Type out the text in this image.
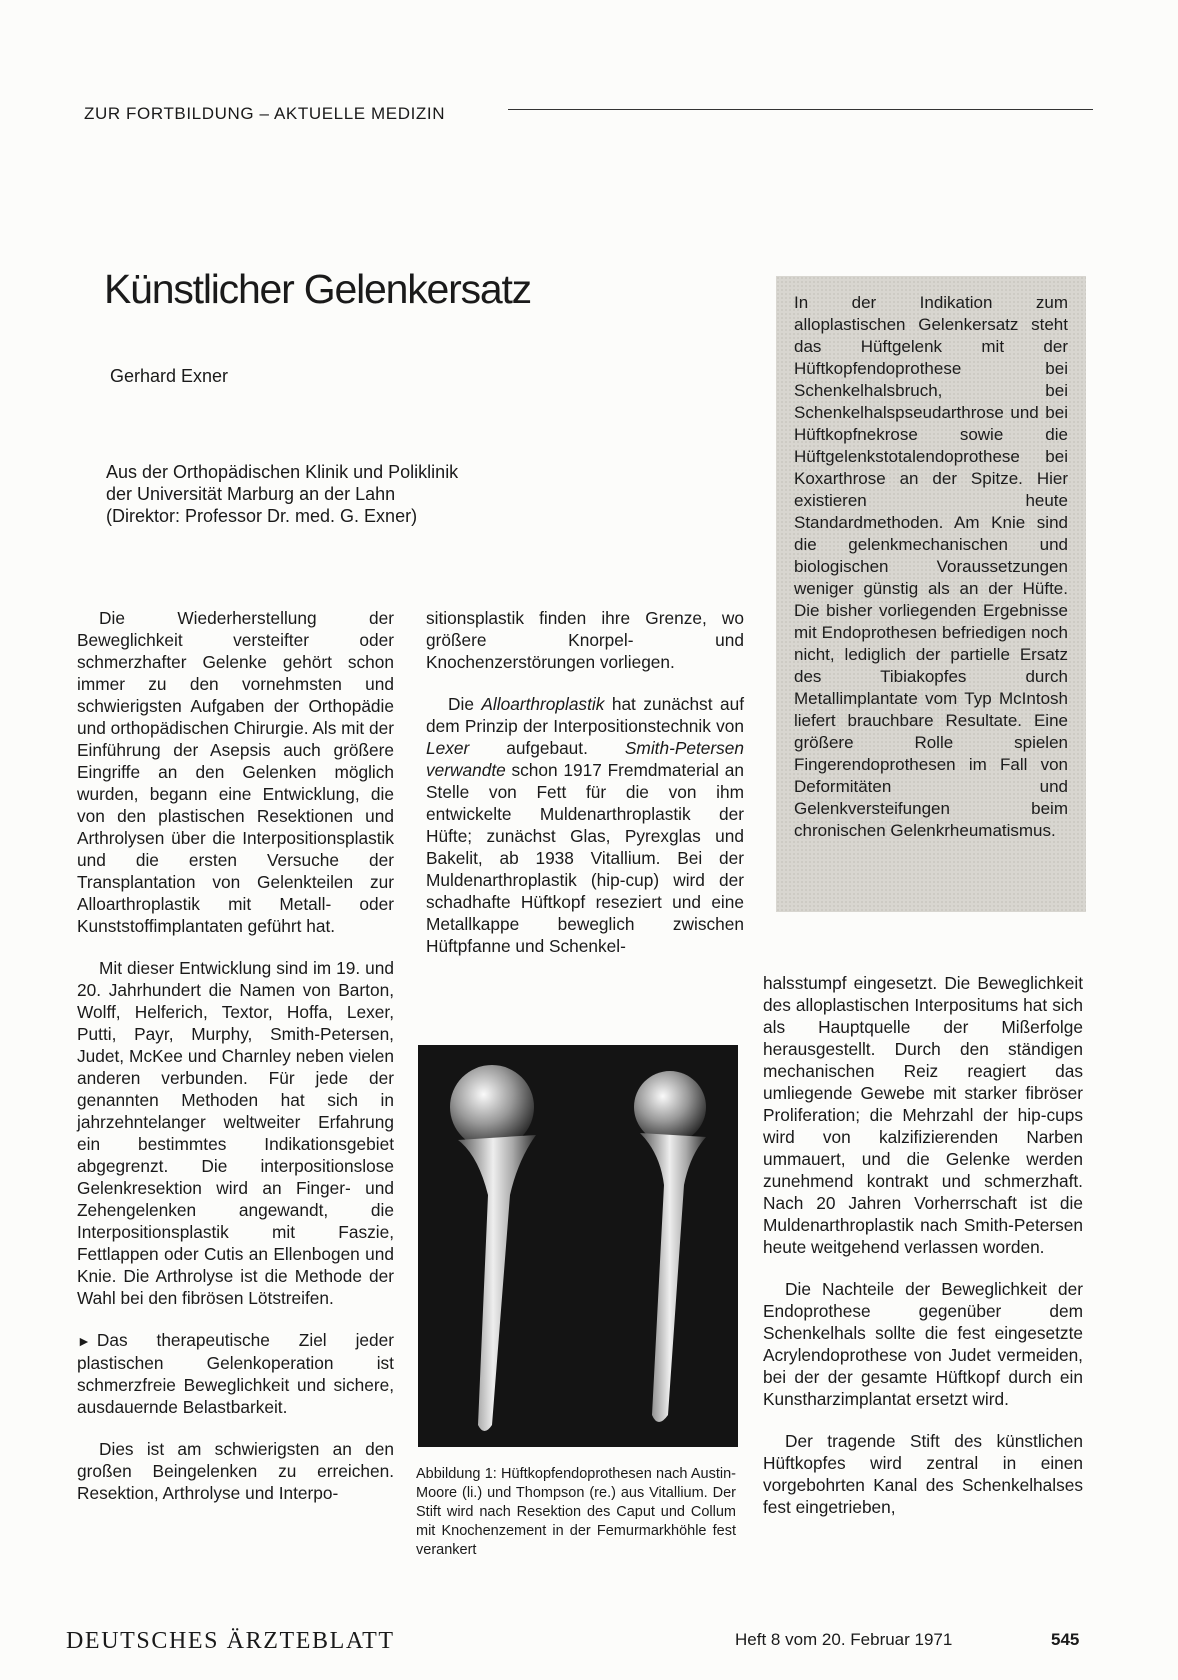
ZUR FORTBILDUNG – AKTUELLE MEDIZIN
Künstlicher Gelenkersatz
Gerhard Exner
Aus der Orthopädischen Klinik und Poliklinik
der Universität Marburg an der Lahn
(Direktor: Professor Dr. med. G. Exner)
In der Indikation zum alloplastischen Gelenkersatz steht das Hüftgelenk mit der Hüftkopfendoprothese bei Schenkelhalsbruch, bei Schenkelhalspseudarthrose und bei Hüftkopfnekrose sowie die Hüftgelenkstotalendoprothese bei Koxarthrose an der Spitze. Hier existieren heute Standardmethoden. Am Knie sind die gelenkmechanischen und biologischen Voraussetzungen weniger günstig als an der Hüfte. Die bisher vorliegenden Ergebnisse mit Endoprothesen befriedigen noch nicht, lediglich der partielle Ersatz des Tibiakopfes durch Metallimplantate vom Typ McIntosh liefert brauchbare Resultate. Eine größere Rolle spielen Fingerendoprothesen im Fall von Deformitäten und Gelenkversteifungen beim chronischen Gelenkrheumatismus.

Die Wiederherstellung der Beweglichkeit versteifter oder schmerzhafter Gelenke gehört schon immer zu den vornehmsten und schwierigsten Aufgaben der Orthopädie und orthopädischen Chirurgie. Als mit der Einführung der Asepsis auch größere Eingriffe an den Gelenken möglich wurden, begann eine Entwicklung, die von den plastischen Resektionen und Arthrolysen über die Interpositionsplastik und die ersten Versuche der Transplantation von Gelenkteilen zur Alloarthroplastik mit Metall- oder Kunststoffimplantaten geführt hat.

Mit dieser Entwicklung sind im 19. und 20. Jahrhundert die Namen von Barton, Wolff, Helferich, Textor, Hoffa, Lexer, Putti, Payr, Murphy, Smith-Petersen, Judet, McKee und Charnley neben vielen anderen verbunden. Für jede der genannten Methoden hat sich in jahrzehntelanger weltweiter Erfahrung ein bestimmtes Indikationsgebiet abgegrenzt. Die interpositionslose Gelenkresektion wird an Finger- und Zehengelenken angewandt, die Interpositionsplastik mit Faszie, Fettlappen oder Cutis an Ellenbogen und Knie. Die Arthrolyse ist die Methode der Wahl bei den fibrösen Lötstreifen.

► Das therapeutische Ziel jeder plastischen Gelenkoperation ist schmerzfreie Beweglichkeit und sichere, ausdauernde Belastbarkeit.

Dies ist am schwierigsten an den großen Beingelenken zu erreichen. Resektion, Arthrolyse und Interpo-

sitionsplastik finden ihre Grenze, wo größere Knorpel- und Knochenzerstörungen vorliegen.

Die Alloarthroplastik hat zunächst auf dem Prinzip der Interpositionstechnik von Lexer aufgebaut. Smith-Petersen verwandte schon 1917 Fremdmaterial an Stelle von Fett für die von ihm entwickelte Muldenarthroplastik der Hüfte; zunächst Glas, Pyrexglas und Bakelit, ab 1938 Vitallium. Bei der Muldenarthroplastik (hip-cup) wird der schadhafte Hüftkopf reseziert und eine Metallkappe beweglich zwischen Hüftpfanne und Schenkel-

Abbildung 1: Hüftkopfendoprothesen nach Austin-Moore (li.) und Thompson (re.) aus Vitallium. Der Stift wird nach Resektion des Caput und Collum mit Knochenzement in der Femurmarkhöhle fest verankert

halsstumpf eingesetzt. Die Beweglichkeit des alloplastischen Interpositums hat sich als Hauptquelle der Mißerfolge herausgestellt. Durch den ständigen mechanischen Reiz reagiert das umliegende Gewebe mit starker fibröser Proliferation; die Mehrzahl der hip-cups wird von kalzifizierenden Narben ummauert, und die Gelenke werden zunehmend kontrakt und schmerzhaft. Nach 20 Jahren Vorherrschaft ist die Muldenarthroplastik nach Smith-Petersen heute weitgehend verlassen worden.

Die Nachteile der Beweglichkeit der Endoprothese gegenüber dem Schenkelhals sollte die fest eingesetzte Acrylendoprothese von Judet vermeiden, bei der der gesamte Hüftkopf durch ein Kunstharzimplantat ersetzt wird.

Der tragende Stift des künstlichen Hüftkopfes wird zentral in einen vorgebohrten Kanal des Schenkelhalses fest eingetrieben,

DEUTSCHES ÄRZTEBLATT	Heft 8 vom 20. Februar 1971	545
